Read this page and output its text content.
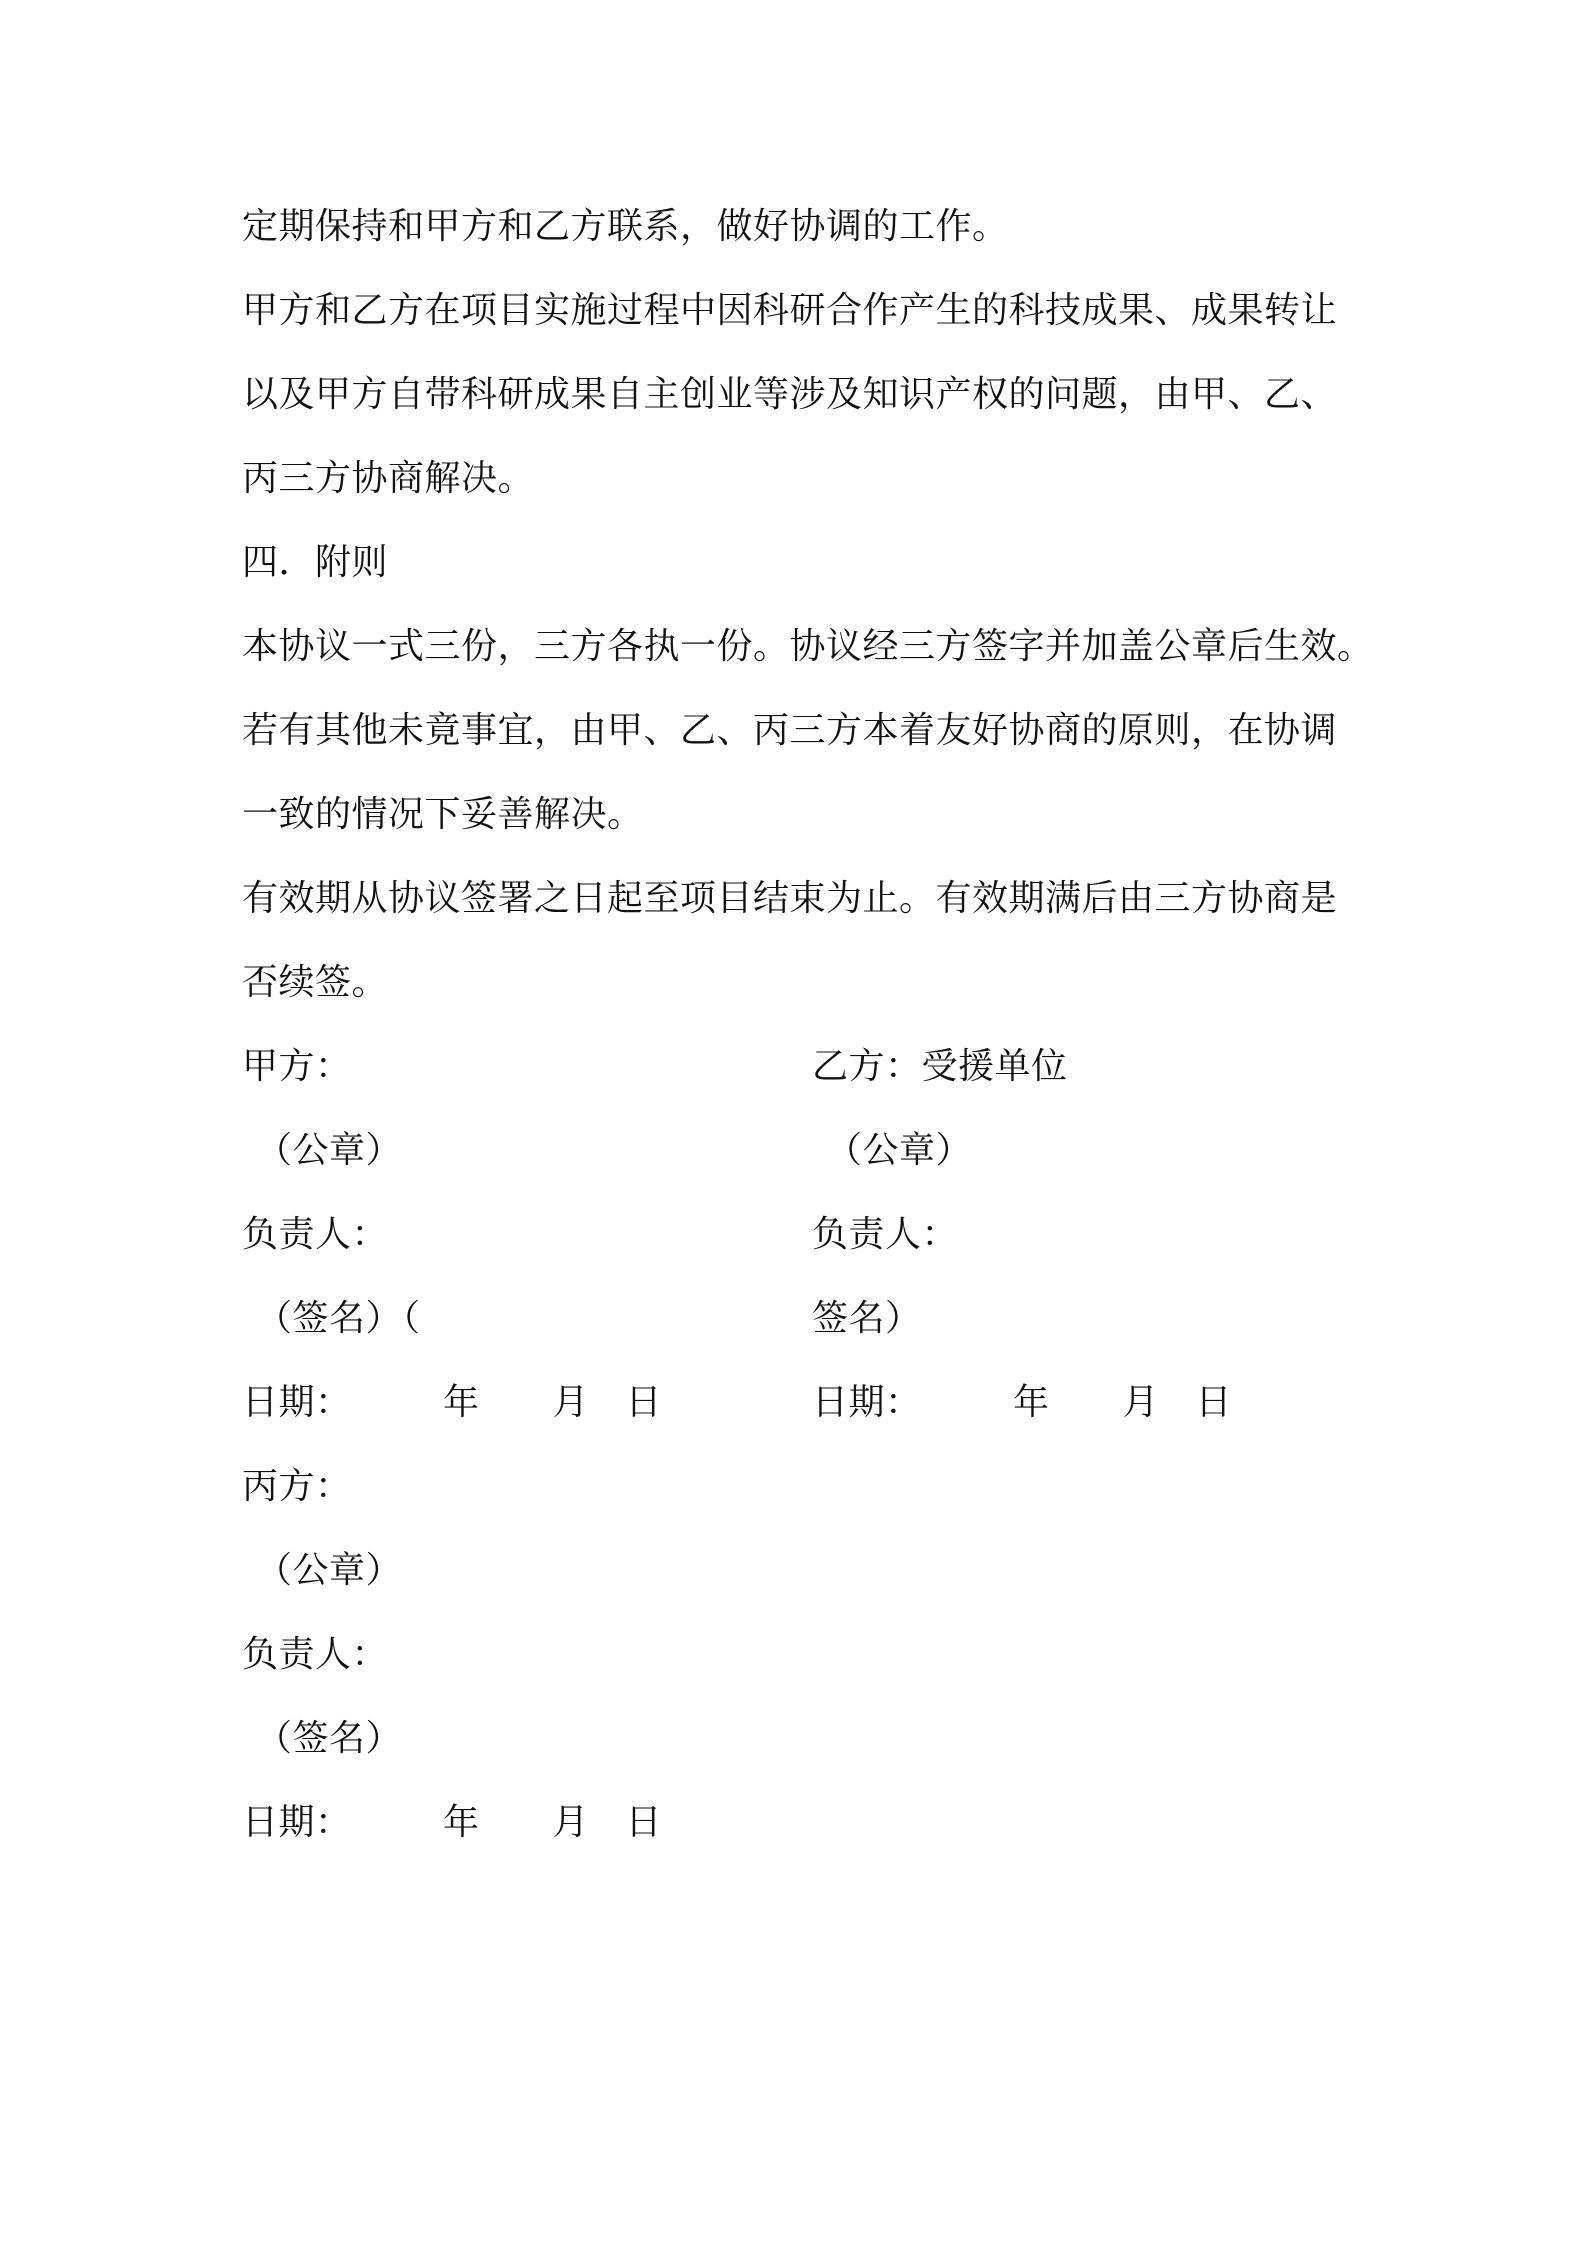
定期保持和甲方和乙方联系，做好协调的工作。
甲方和乙方在项目实施过程中因科研合作产生的科技成果、成果转让
以及甲方自带科研成果自主创业等涉及知识产权的问题，由甲、乙、
丙三方协商解决。
四．附则
本协议一式三份，三方各执一份。协议经三方签字并加盖公章后生效。
若有其他未竟事宜，由甲、乙、丙三方本着友好协商的原则，在协调
一致的情况下妥善解决。
有效期从协议签署之日起至项目结束为止。有效期满后由三方协商是
否续签。
甲方：
（公章）
负责人：
（签名）（
日期：　　　年　　月　日
乙方：受援单位
（公章）
负责人：
签名）
日期：　　　年　　月　日
丙方：
（公章）
负责人：
（签名）
日期：　　　年　　月　日
